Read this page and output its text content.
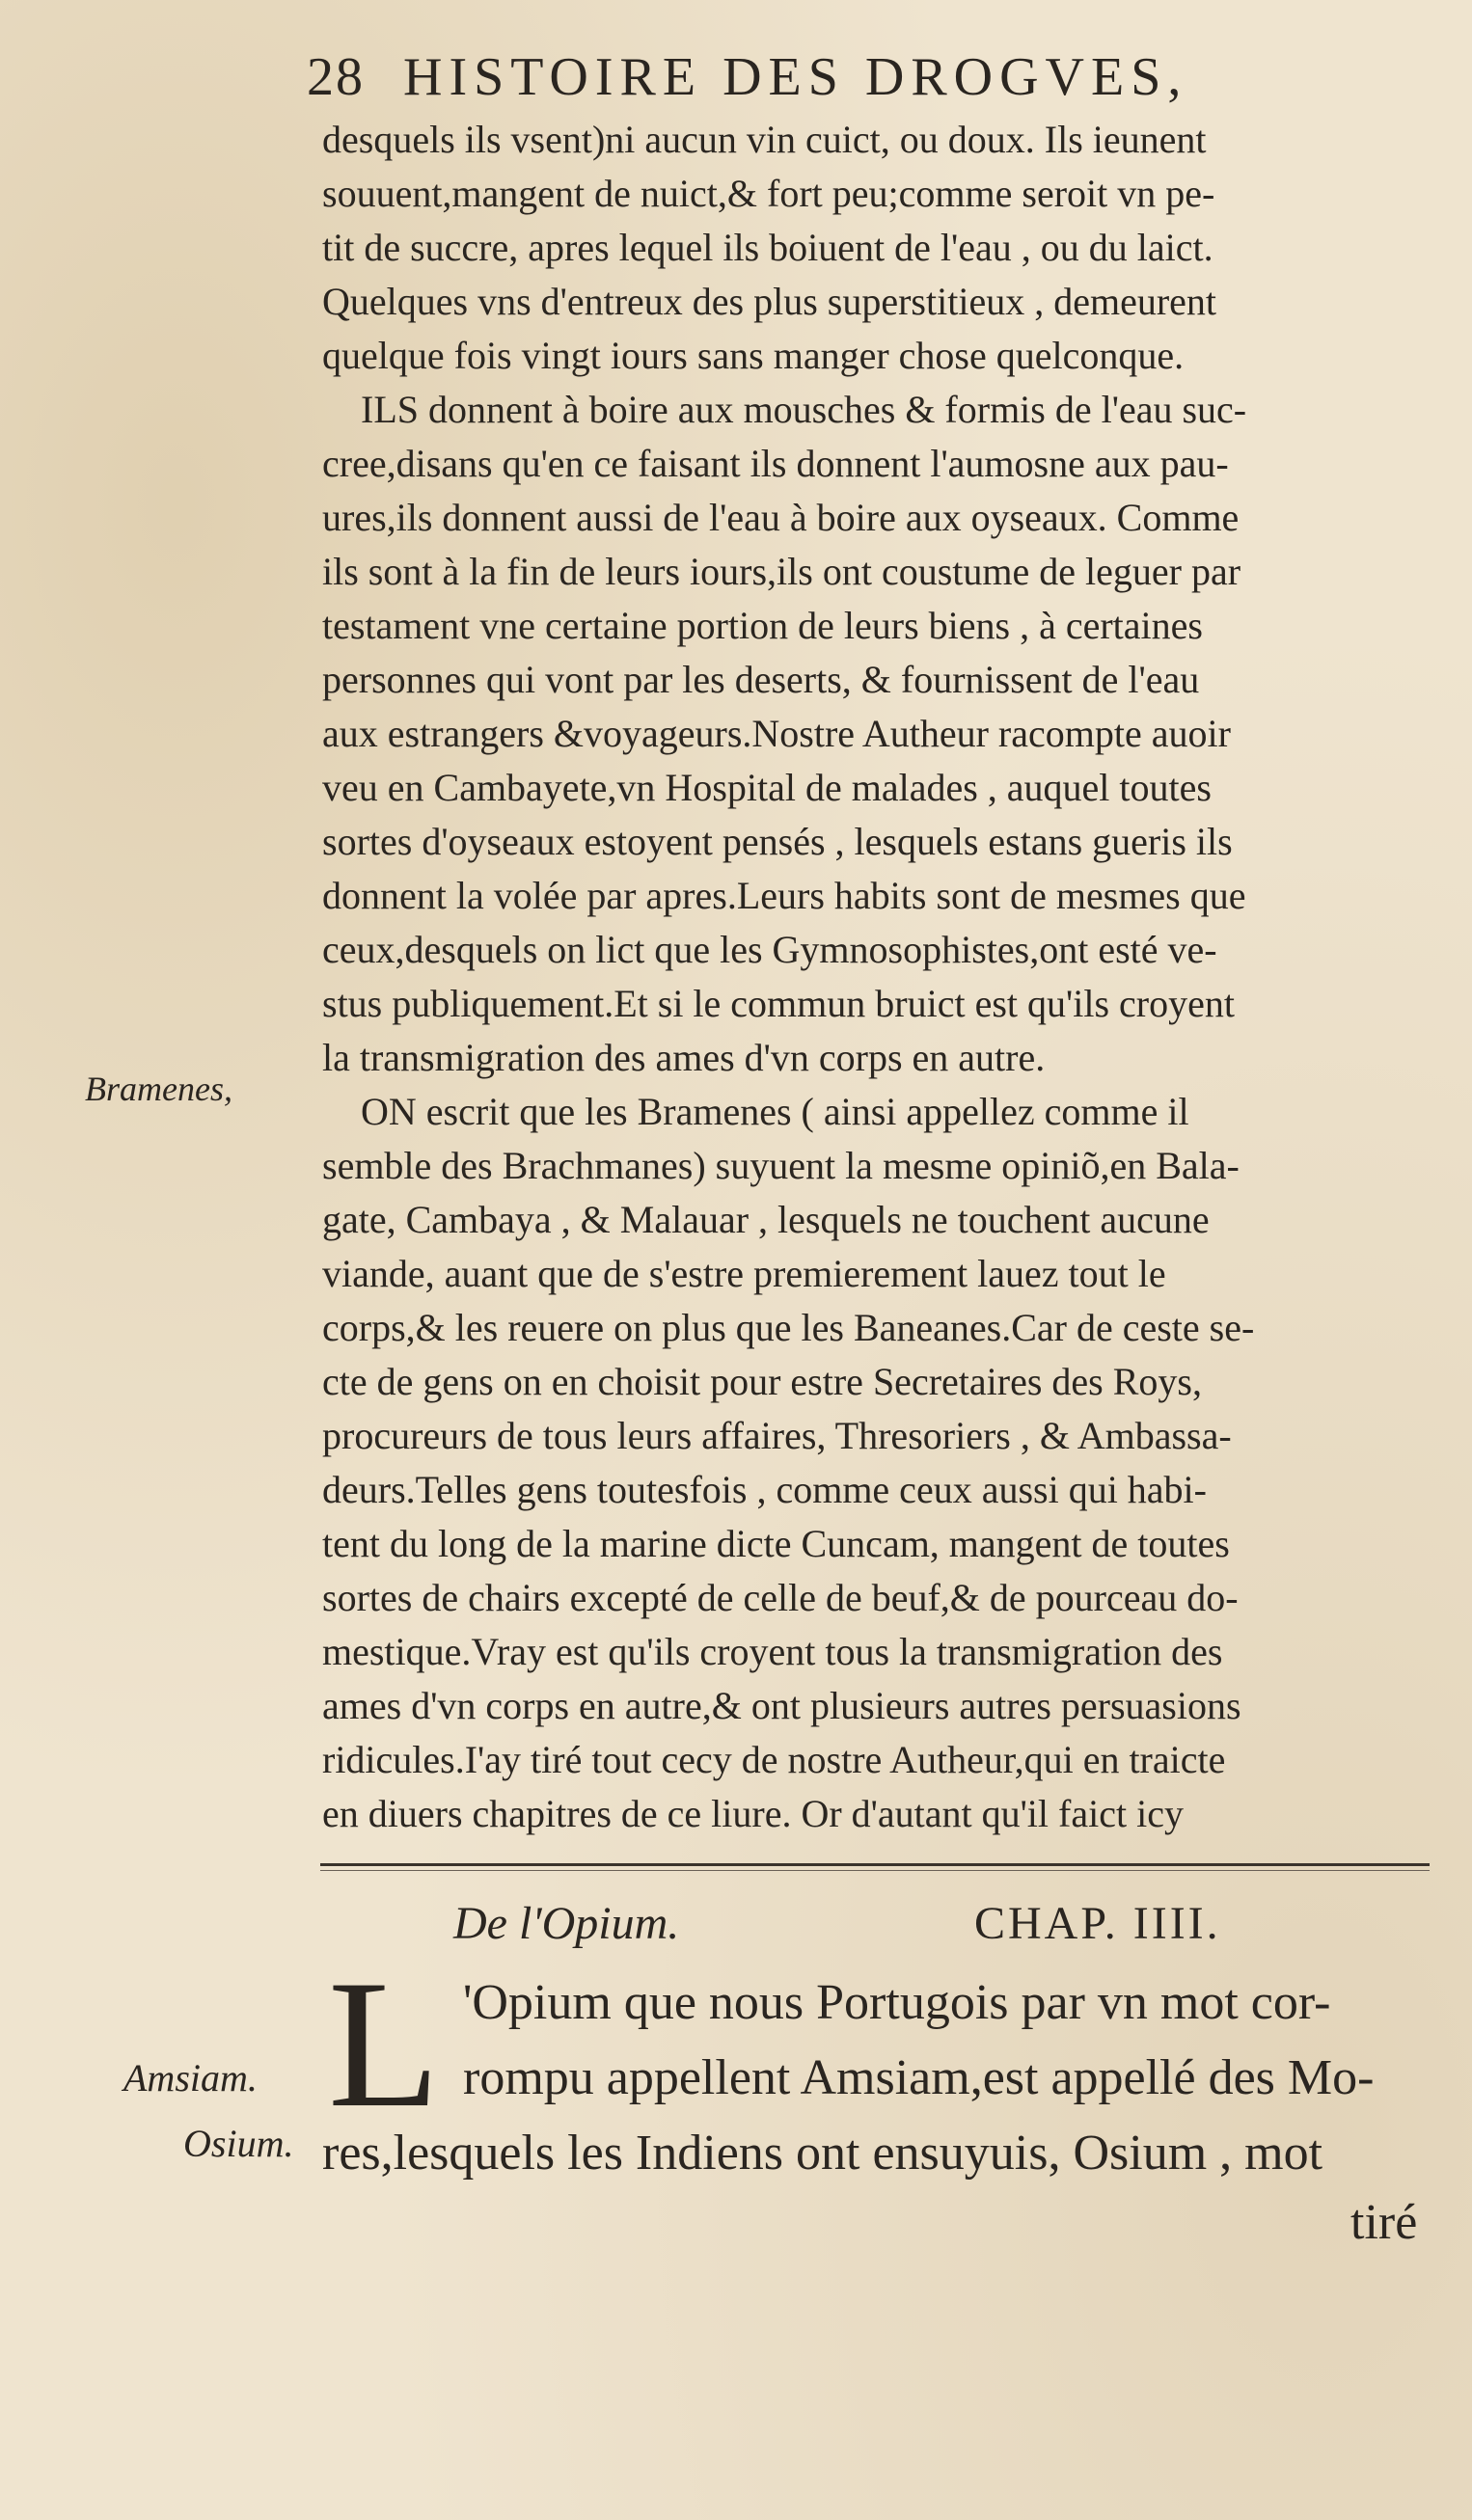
28 HISTOIRE DES DROGVES,
desquels ils vsent)ni aucun vin cuict, ou doux. Ils ieunent
souuent,mangent de nuict,& fort peu;comme seroit vn pe-
tit de succre, apres lequel ils boiuent de l'eau , ou du laict.
Quelques vns d'entreux des plus superstitieux , demeurent
quelque fois vingt iours sans manger chose quelconque.
ILS donnent à boire aux mousches & formis de l'eau suc-
cree,disans qu'en ce faisant ils donnent l'aumosne aux pau-
ures,ils donnent aussi de l'eau à boire aux oyseaux. Comme
ils sont à la fin de leurs iours,ils ont coustume de leguer par
testament vne certaine portion de leurs biens , à certaines
personnes qui vont par les deserts, & fournissent de l'eau
aux estrangers &voyageurs.Nostre Autheur racompte auoir
veu en Cambayete,vn Hospital de malades , auquel toutes
sortes d'oyseaux estoyent pensés , lesquels estans gueris ils
donnent la volée par apres.Leurs habits sont de mesmes que
ceux,desquels on lict que les Gymnosophistes,ont esté ve-
stus publiquement.Et si le commun bruict est qu'ils croyent
la transmigration des ames d'vn corps en autre.
ON escrit que les Bramenes ( ainsi appellez comme il
semble des Brachmanes) suyuent la mesme opiniõ,en Bala-
gate, Cambaya , & Malauar , lesquels ne touchent aucune
viande, auant que de s'estre premierement lauez tout le
corps,& les reuere on plus que les Baneanes.Car de ceste se-
cte de gens on en choisit pour estre Secretaires des Roys,
procureurs de tous leurs affaires, Thresoriers , & Ambassa-
deurs.Telles gens toutesfois , comme ceux aussi qui habi-
tent du long de la marine dicte Cuncam, mangent de toutes
sortes de chairs excepté de celle de beuf,& de pourceau do-
mestique.Vray est qu'ils croyent tous la transmigration des
ames d'vn corps en autre,& ont plusieurs autres persuasions
ridicules.I'ay tiré tout cecy de nostre Autheur,qui en traicte
en diuers chapitres de ce liure. Or d'autant qu'il faict icy
Bramenes,
De l'Opium.	CHAP. IIII.
L 'Opium que nous Portugois par vn mot cor-
rompu appellent Amsiam,est appellé des Mo-
res,lesquels les Indiens ont ensuyuis, Osium , mot
tiré
Amsiam.
Osium.
